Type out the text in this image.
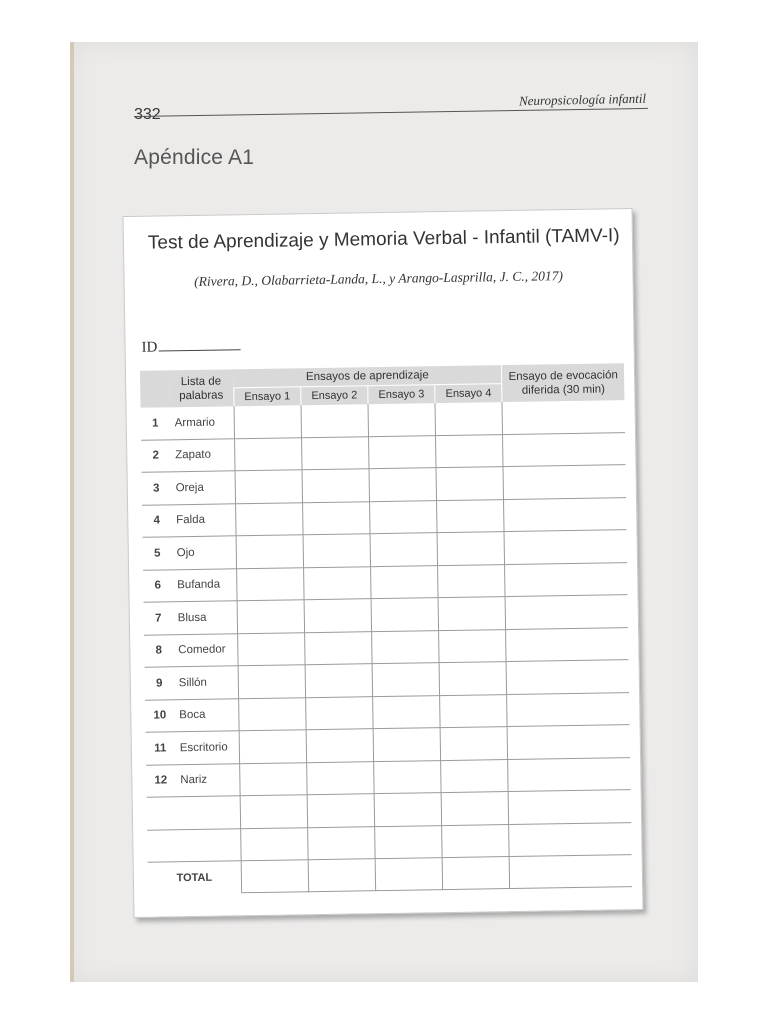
332
Neuropsicología infantil
Apéndice A1
Test de Aprendizaje y Memoria Verbal - Infantil (TAMV-I)
(Rivera, D., Olabarrieta-Landa, L., y Arango-Lasprilla, J. C., 2017)
ID
	Lista de palabras	Ensayos de aprendizaje				Ensayo de evocación diferida (30 min)
		Ensayo 1	Ensayo 2	Ensayo 3	Ensayo 4	
1	Armario					
2	Zapato					
3	Oreja					
4	Falda					
5	Ojo					
6	Bufanda					
7	Blusa					
8	Comedor					
9	Sillón					
10	Boca					
11	Escritorio					
12	Nariz					

TOTAL						
